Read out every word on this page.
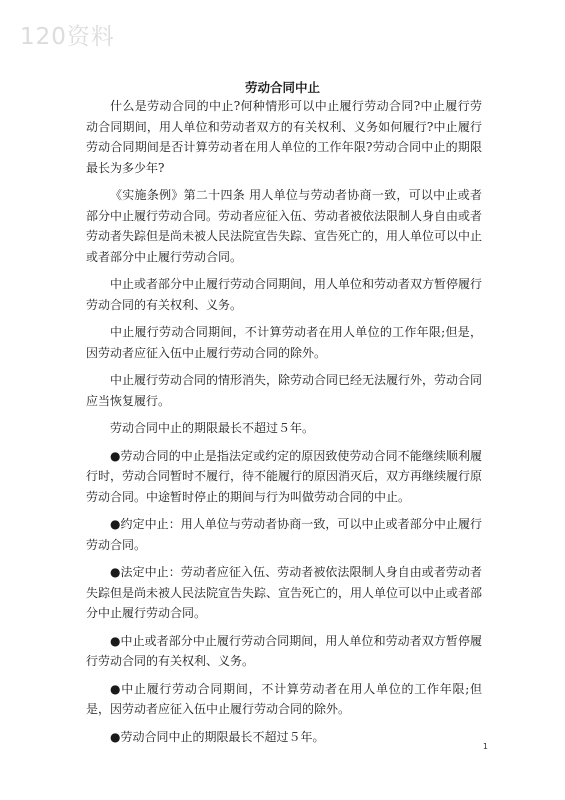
120资料
劳动合同中止

什么是劳动合同的中止?何种情形可以中止履行劳动合同?中止履行劳动合同期间，用人单位和劳动者双方的有关权利、义务如何履行?中止履行劳动合同期间是否计算劳动者在用人单位的工作年限?劳动合同中止的期限最长为多少年?

《实施条例》第二十四条 用人单位与劳动者协商一致，可以中止或者部分中止履行劳动合同。劳动者应征入伍、劳动者被依法限制人身自由或者劳动者失踪但是尚未被人民法院宣告失踪、宣告死亡的，用人单位可以中止或者部分中止履行劳动合同。

中止或者部分中止履行劳动合同期间，用人单位和劳动者双方暂停履行劳动合同的有关权利、义务。

中止履行劳动合同期间，不计算劳动者在用人单位的工作年限;但是，因劳动者应征入伍中止履行劳动合同的除外。

中止履行劳动合同的情形消失，除劳动合同已经无法履行外，劳动合同应当恢复履行。

劳动合同中止的期限最长不超过５年。

●劳动合同的中止是指法定或约定的原因致使劳动合同不能继续顺利履行时，劳动合同暂时不履行，待不能履行的原因消灭后，双方再继续履行原劳动合同。中途暂时停止的期间与行为叫做劳动合同的中止。

●约定中止：用人单位与劳动者协商一致，可以中止或者部分中止履行劳动合同。

●法定中止：劳动者应征入伍、劳动者被依法限制人身自由或者劳动者失踪但是尚未被人民法院宣告失踪、宣告死亡的，用人单位可以中止或者部分中止履行劳动合同。

●中止或者部分中止履行劳动合同期间，用人单位和劳动者双方暂停履行劳动合同的有关权利、义务。

●中止履行劳动合同期间，不计算劳动者在用人单位的工作年限;但是，因劳动者应征入伍中止履行劳动合同的除外。

●劳动合同中止的期限最长不超过５年。

1
